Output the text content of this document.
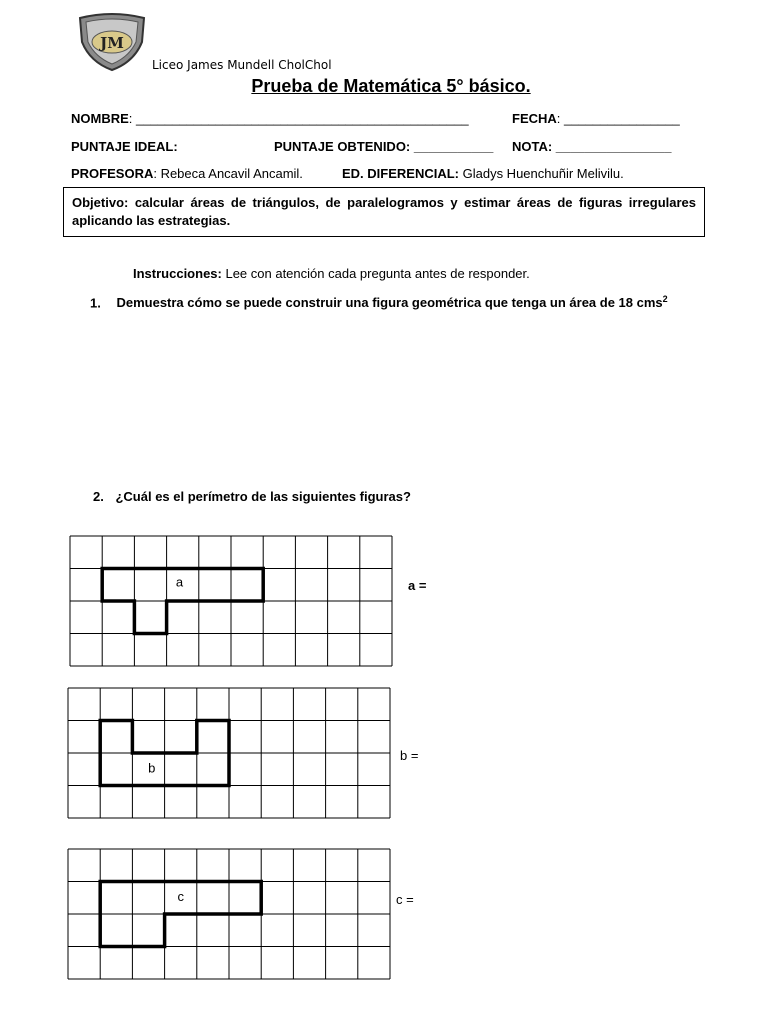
JM
Liceo James Mundell CholChol
Prueba de Matemática 5° básico.
NOMBRE: ______________________________________________	FECHA: ________________
PUNTAJE IDEAL:	PUNTAJE OBTENIDO: ___________ NOTA: ________________
PROFESORA: Rebeca Ancavil Ancamil.	ED. DIFERENCIAL: Gladys Huenchuñir Melivilu.
Objetivo: calcular áreas de triángulos, de paralelogramos y estimar áreas de figuras irregulares aplicando las estrategias.
Instrucciones: Lee con atención cada pregunta antes de responder.
1. Demuestra cómo se puede construir una figura geométrica que tenga un área de 18 cms$^2$
2. ¿Cuál es el perímetro de las siguientes figuras?
a	a =
b
b =
c	c =
